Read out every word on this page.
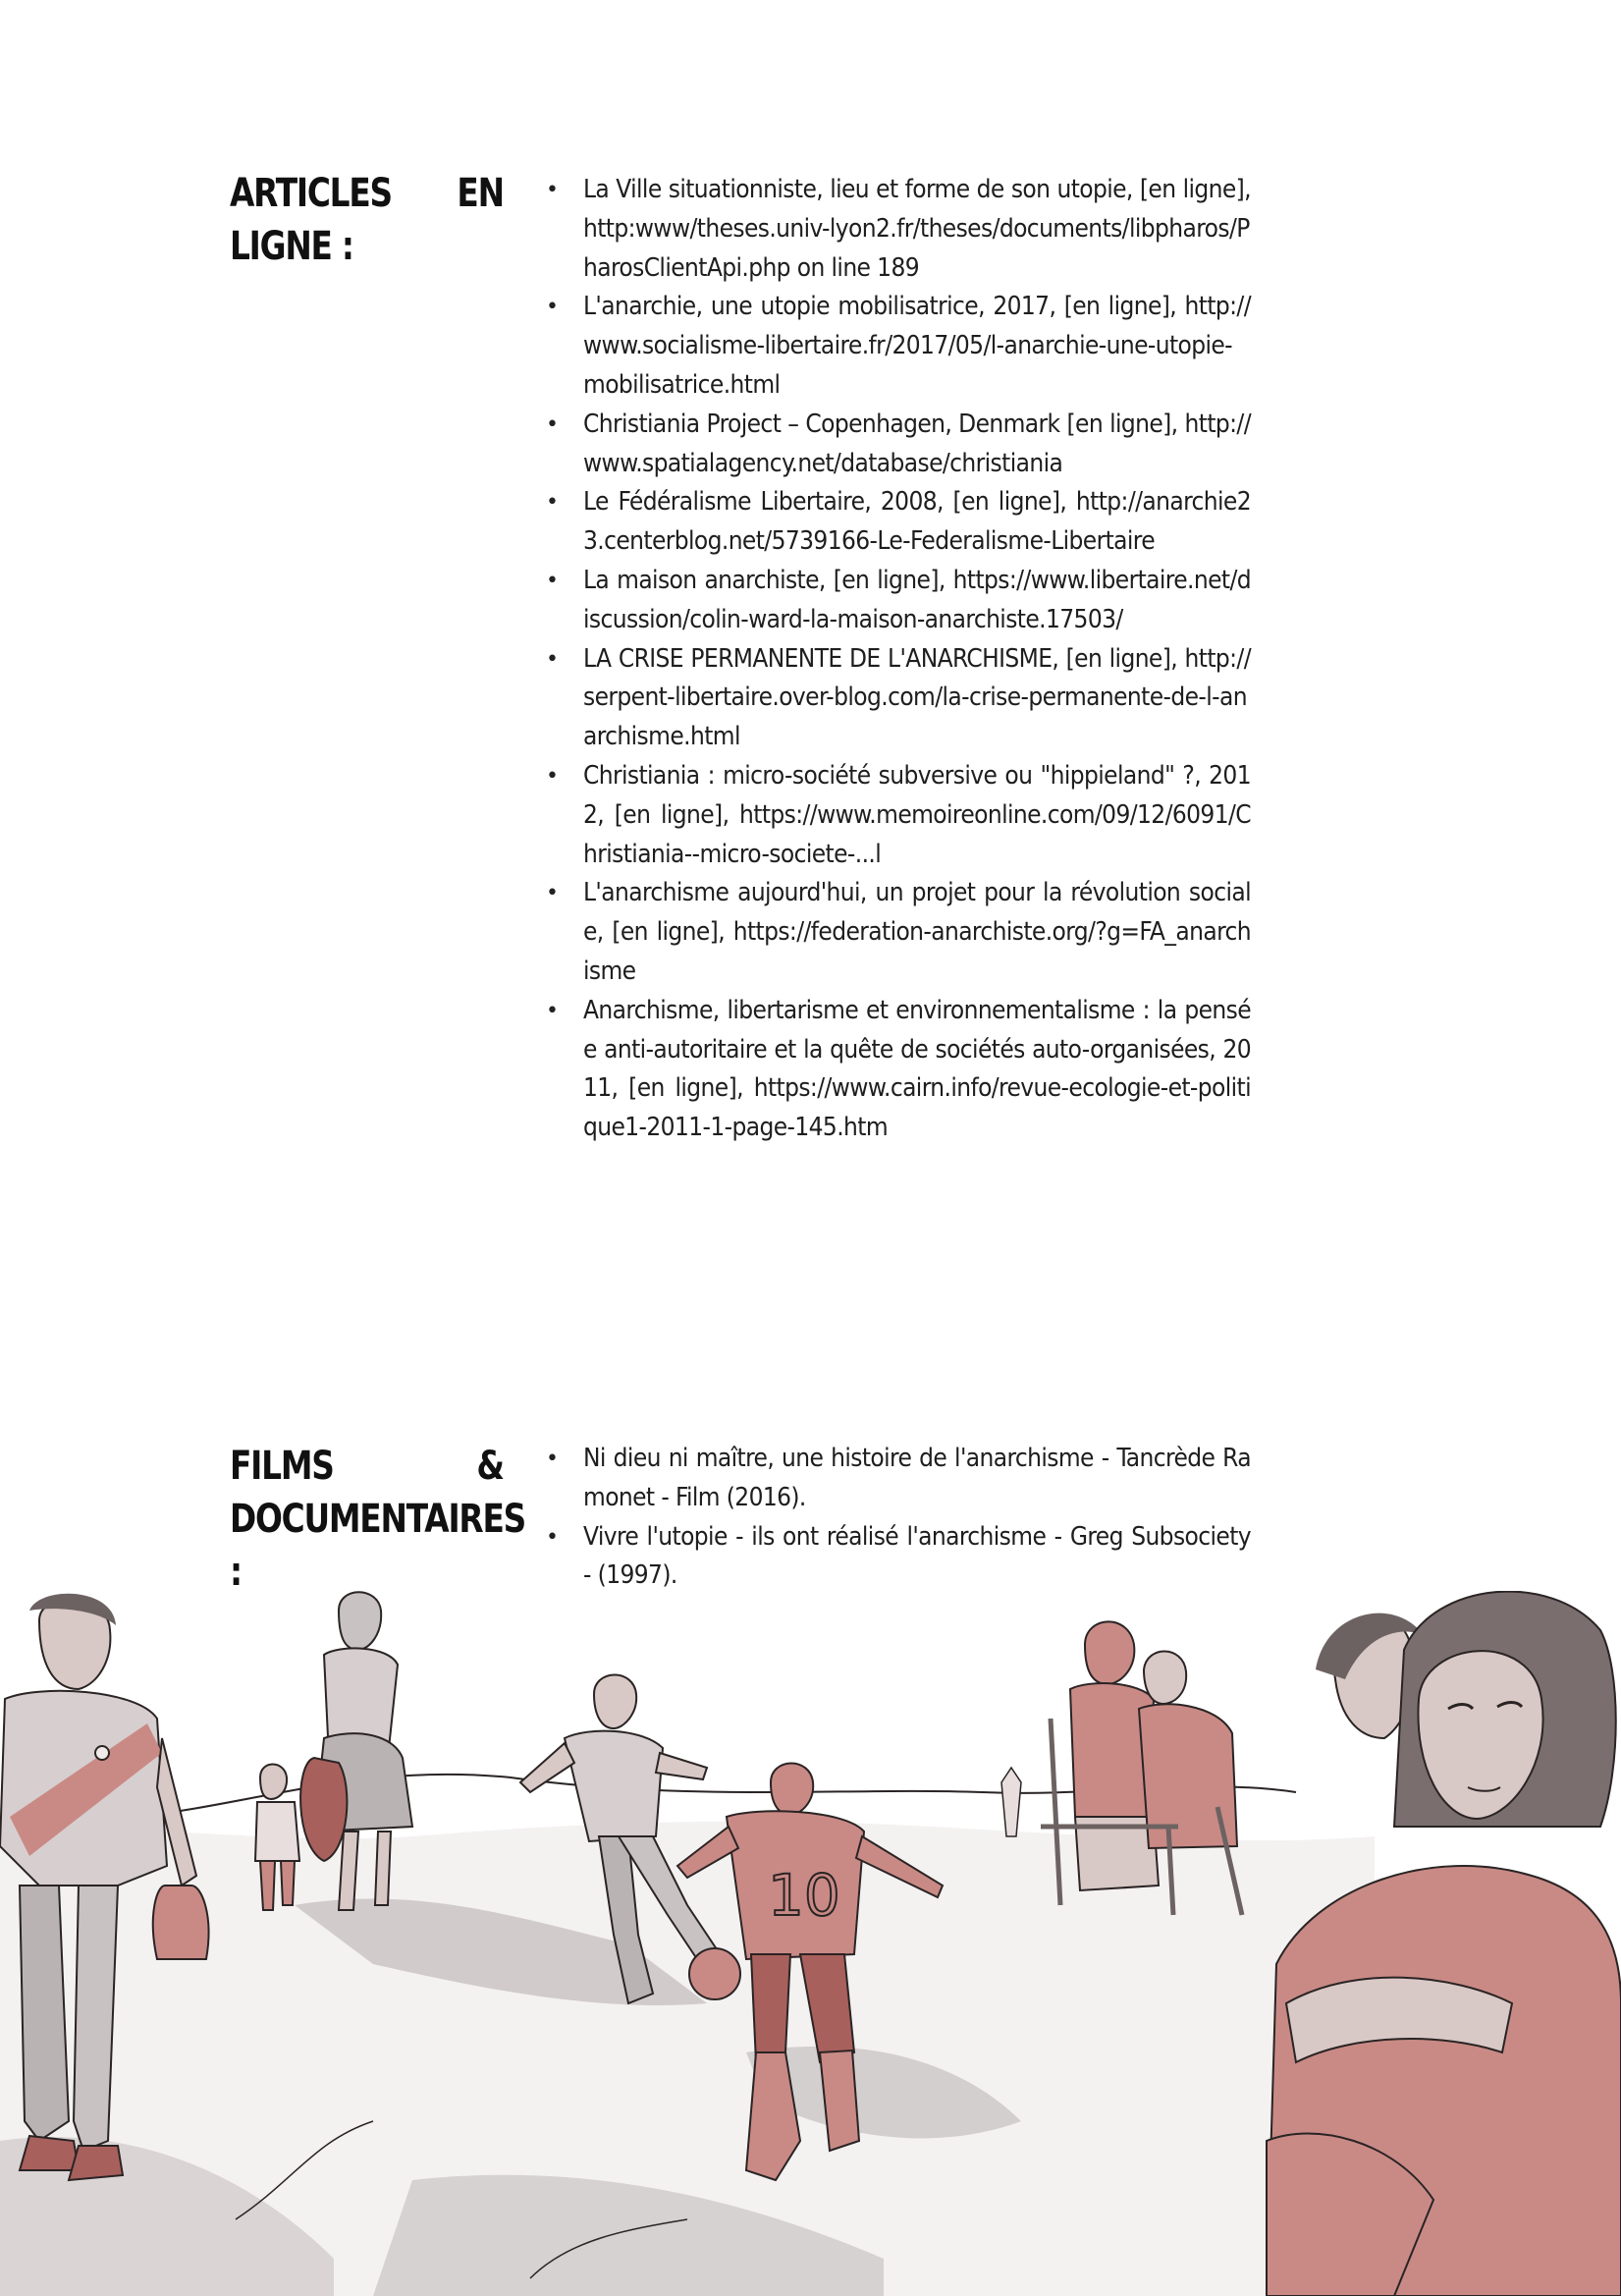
ARTICLES EN
LIGNE :
• La Ville situationniste, lieu et forme de son utopie, [en ligne], http:www/theses.univ-lyon2.fr/theses/documents/libpharos/PharosClientApi.php on line 189
• L'anarchie, une utopie mobilisatrice, 2017, [en ligne], http://www.socialisme-libertaire.fr/2017/05/l-anarchie-une-utopie-mobilisatrice.html
• Christiania Project – Copenhagen, Denmark [en ligne], http://www.spatialagency.net/database/christiania
• Le Fédéralisme Libertaire, 2008, [en ligne], http://anarchie23.centerblog.net/5739166-Le-Federalisme-Libertaire
• La maison anarchiste, [en ligne], https://www.libertaire.net/discussion/colin-ward-la-maison-anarchiste.17503/
• LA CRISE PERMANENTE DE L'ANARCHISME, [en ligne], http://serpent-libertaire.over-blog.com/la-crise-permanente-de-l-anarchisme.html
• Christiania : micro-société subversive ou "hippieland" ?, 2012, [en ligne], https://www.memoireonline.com/09/12/6091/Christiania--micro-societe-...l
• L'anarchisme aujourd'hui, un projet pour la révolution sociale, [en ligne], https://federation-anarchiste.org/?g=FA_anarchisme
• Anarchisme, libertarisme et environnementalisme : la pensée anti-autoritaire et la quête de sociétés auto-organisées, 2011, [en ligne], https://www.cairn.info/revue-ecologie-et-politique1-2011-1-page-145.htm
FILMS &
DOCUMENTAIRES :
• Ni dieu ni maître, une histoire de l'anarchisme - Tancrède Ramonet - Film (2016).
• Vivre l'utopie - ils ont réalisé l'anarchisme - Greg Subsociety - (1997).
10
